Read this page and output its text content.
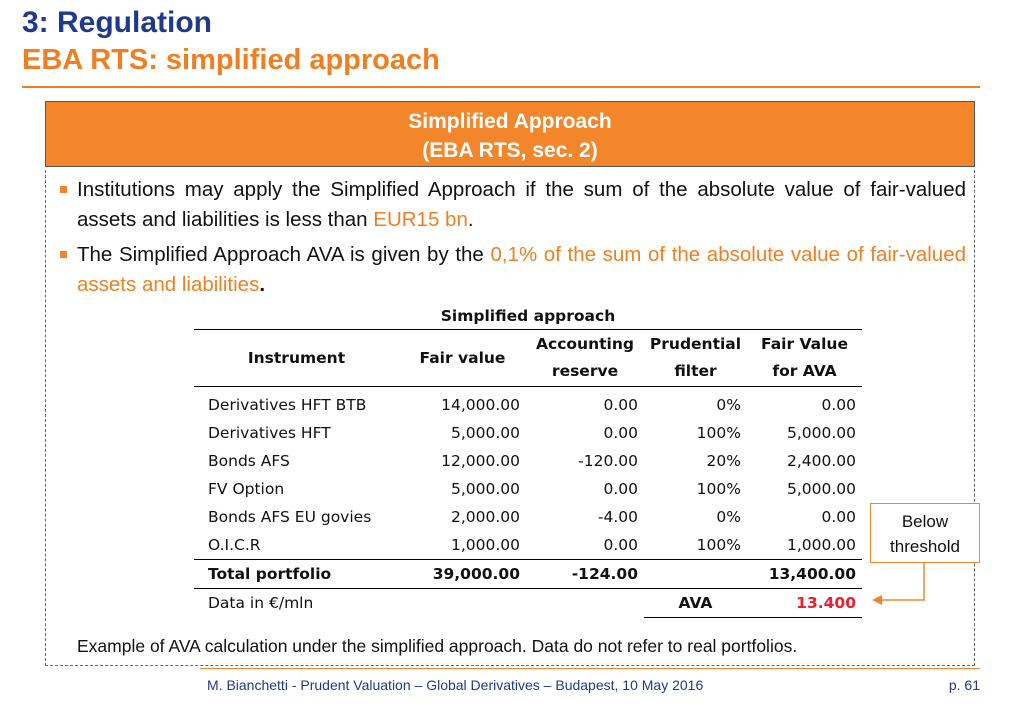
3: Regulation
EBA RTS: simplified approach
Simplified Approach
(EBA RTS, sec. 2)
Institutions may apply the Simplified Approach if the sum of the absolute value of fair-valued assets and liabilities is less than EUR15 bn.
The Simplified Approach AVA is given by the 0,1% of the sum of the absolute value of fair-valued assets and liabilities.
Simplified approach
Instrument	Fair value	Accounting reserve	Prudential filter	Fair Value for AVA
Derivatives HFT BTB	14,000.00	0.00	0%	0.00
Derivatives HFT	5,000.00	0.00	100%	5,000.00
Bonds AFS	12,000.00	-120.00	20%	2,400.00
FV Option	5,000.00	0.00	100%	5,000.00
Bonds AFS EU govies	2,000.00	-4.00	0%	0.00
O.I.C.R	1,000.00	0.00	100%	1,000.00
Total portfolio	39,000.00	-124.00		13,400.00
Data in €/mln			AVA	13.400
Below
threshold
Example of AVA calculation under the simplified approach. Data do not refer to real portfolios.
M. Bianchetti - Prudent Valuation – Global Derivatives – Budapest, 10 May 2016	p. 61
